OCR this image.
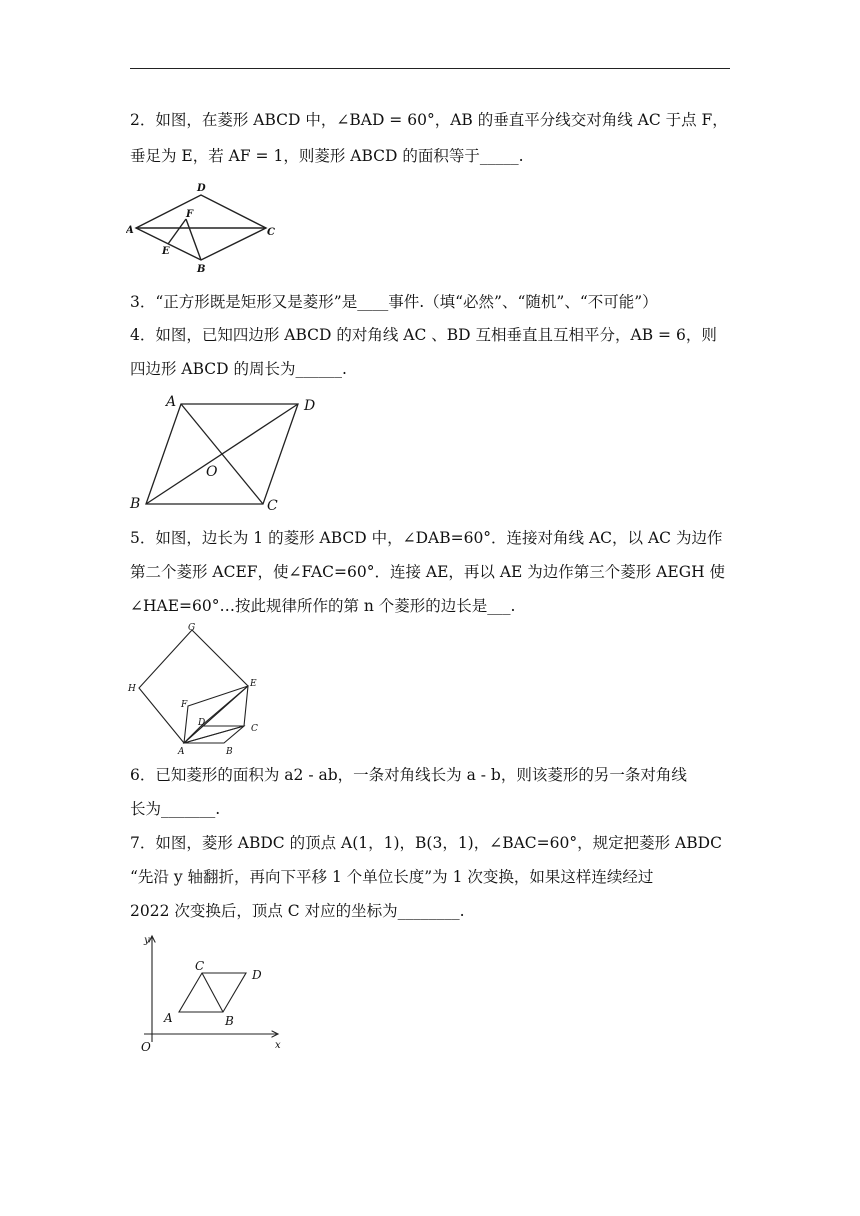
2．如图，在菱形 ABCD 中，∠BAD = 60°，AB 的垂直平分线交对角线 AC 于点 F，
垂足为 E，若 AF = 1，则菱形 ABCD 的面积等于_____.
A
D
C
B
E
F
3．“正方形既是矩形又是菱形”是____事件.（填“必然”、“随机”、“不可能”）
4．如图，已知四边形 ABCD 的对角线 AC 、BD 互相垂直且互相平分，AB = 6，则
四边形 ABCD 的周长为______.
A	D
B	C
O
5．如图，边长为 1 的菱形 ABCD 中，∠DAB=60°．连接对角线 AC，以 AC 为边作
第二个菱形 ACEF，使∠FAC=60°．连接 AE，再以 AE 为边作第三个菱形 AEGH 使
∠HAE=60°…按此规律所作的第 n 个菱形的边长是___.
G
H	E
F
D
C
A	B
6．已知菱形的面积为 a2 - ab，一条对角线长为 a - b，则该菱形的另一条对角线
长为_______.
7．如图，菱形 ABDC 的顶点 A(1，1)，B(3，1)，∠BAC=60°，规定把菱形 ABDC
“先沿 y 轴翻折，再向下平移 1 个单位长度”为 1 次变换，如果这样连续经过
2022 次变换后，顶点 C 对应的坐标为________.
y
x
O
A	B
C
D
